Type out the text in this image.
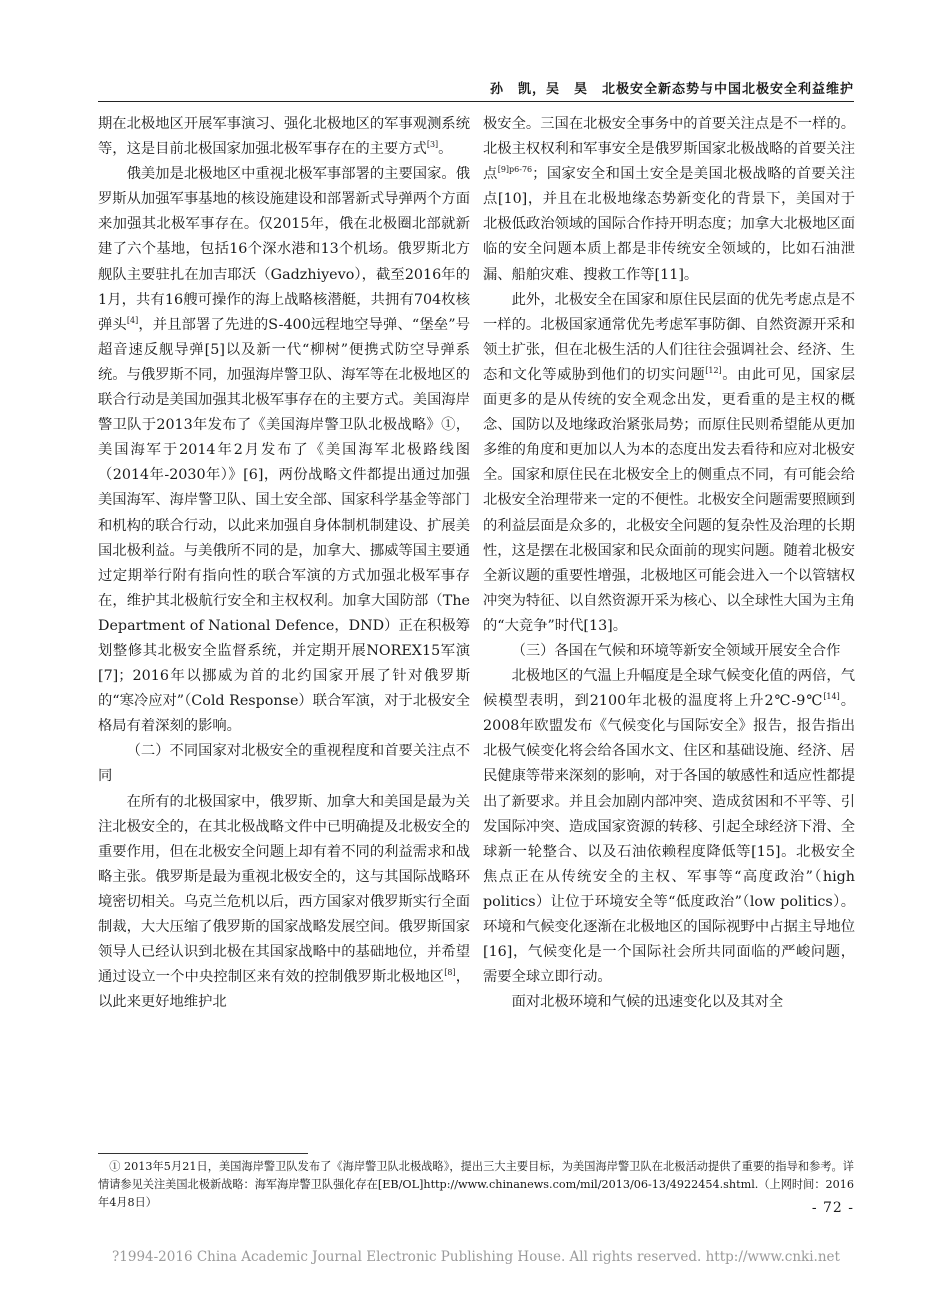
孙　凯，吴　昊　北极安全新态势与中国北极安全利益维护

期在北极地区开展军事演习、强化北极地区的军事观测系统等，这是目前北极国家加强北极军事存在的主要方式[3]。

俄美加是北极地区中重视北极军事部署的主要国家。俄罗斯从加强军事基地的核设施建设和部署新式导弹两个方面来加强其北极军事存在。仅2015年，俄在北极圈北部就新建了六个基地，包括16个深水港和13个机场。俄罗斯北方舰队主要驻扎在加吉耶沃（Gadzhiyevo），截至2016年的1月，共有16艘可操作的海上战略核潜艇，共拥有704枚核弹头[4]，并且部署了先进的S-400远程地空导弹、“堡垒”号超音速反舰导弹[5]以及新一代“柳树”便携式防空导弹系统。与俄罗斯不同，加强海岸警卫队、海军等在北极地区的联合行动是美国加强其北极军事存在的主要方式。美国海岸警卫队于2013年发布了《美国海岸警卫队北极战略》①，美国海军于2014年2月发布了《美国海军北极路线图（2014年-2030年）》[6]，两份战略文件都提出通过加强美国海军、海岸警卫队、国土安全部、国家科学基金等部门和机构的联合行动，以此来加强自身体制机制建设、扩展美国北极利益。与美俄所不同的是，加拿大、挪威等国主要通过定期举行附有指向性的联合军演的方式加强北极军事存在，维护其北极航行安全和主权权利。加拿大国防部（The Department of National Defence，DND）正在积极筹划整修其北极安全监督系统，并定期开展NOREX15军演[7]；2016年以挪威为首的北约国家开展了针对俄罗斯的“寒冷应对”（Cold Response）联合军演，对于北极安全格局有着深刻的影响。

（二）不同国家对北极安全的重视程度和首要关注点不同

在所有的北极国家中，俄罗斯、加拿大和美国是最为关注北极安全的，在其北极战略文件中已明确提及北极安全的重要作用，但在北极安全问题上却有着不同的利益需求和战略主张。俄罗斯是最为重视北极安全的，这与其国际战略环境密切相关。乌克兰危机以后，西方国家对俄罗斯实行全面制裁，大大压缩了俄罗斯的国家战略发展空间。俄罗斯国家领导人已经认识到北极在其国家战略中的基础地位，并希望通过设立一个中央控制区来有效的控制俄罗斯北极地区[8]，以此来更好地维护北

极安全。三国在北极安全事务中的首要关注点是不一样的。北极主权权利和军事安全是俄罗斯国家北极战略的首要关注点$^{[9]p6-76}$；国家安全和国土安全是美国北极战略的首要关注点[10]，并且在北极地缘态势新变化的背景下，美国对于北极低政治领域的国际合作持开明态度；加拿大北极地区面临的安全问题本质上都是非传统安全领域的，比如石油泄漏、船舶灾难、搜救工作等[11]。

此外，北极安全在国家和原住民层面的优先考虑点是不一样的。北极国家通常优先考虑军事防御、自然资源开采和领土扩张，但在北极生活的人们往往会强调社会、经济、生态和文化等威胁到他们的切实问题[12]。由此可见，国家层面更多的是从传统的安全观念出发，更看重的是主权的概念、国防以及地缘政治紧张局势；而原住民则希望能从更加多维的角度和更加以人为本的态度出发去看待和应对北极安全。国家和原住民在北极安全上的侧重点不同，有可能会给北极安全治理带来一定的不便性。北极安全问题需要照顾到的利益层面是众多的，北极安全问题的复杂性及治理的长期性，这是摆在北极国家和民众面前的现实问题。随着北极安全新议题的重要性增强，北极地区可能会进入一个以管辖权冲突为特征、以自然资源开采为核心、以全球性大国为主角的“大竞争”时代[13]。

（三）各国在气候和环境等新安全领域开展安全合作

北极地区的气温上升幅度是全球气候变化值的两倍，气候模型表明，到2100年北极的温度将上升2℃-9℃[14]。2008年欧盟发布《气候变化与国际安全》报告，报告指出北极气候变化将会给各国水文、住区和基础设施、经济、居民健康等带来深刻的影响，对于各国的敏感性和适应性都提出了新要求。并且会加剧内部冲突、造成贫困和不平等、引发国际冲突、造成国家资源的转移、引起全球经济下滑、全球新一轮整合、以及石油依赖程度降低等[15]。北极安全焦点正在从传统安全的主权、军事等“高度政治”（high politics）让位于环境安全等“低度政治”（low politics）。环境和气候变化逐渐在北极地区的国际视野中占据主导地位[16]，气候变化是一个国际社会所共同面临的严峻问题，需要全球立即行动。

面对北极环境和气候的迅速变化以及其对全

① 2013年5月21日，美国海岸警卫队发布了《海岸警卫队北极战略》，提出三大主要目标，为美国海岸警卫队在北极活动提供了重要的指导和参考。详情请参见关注美国北极新战略：海军海岸警卫队强化存在[EB/OL]http://www.chinanews.com/mil/2013/06-13/4922454.shtml.（上网时间：2016年4月8日）	- 72 -
?1994-2016 China Academic Journal Electronic Publishing House. All rights reserved. http://www.cnki.net
